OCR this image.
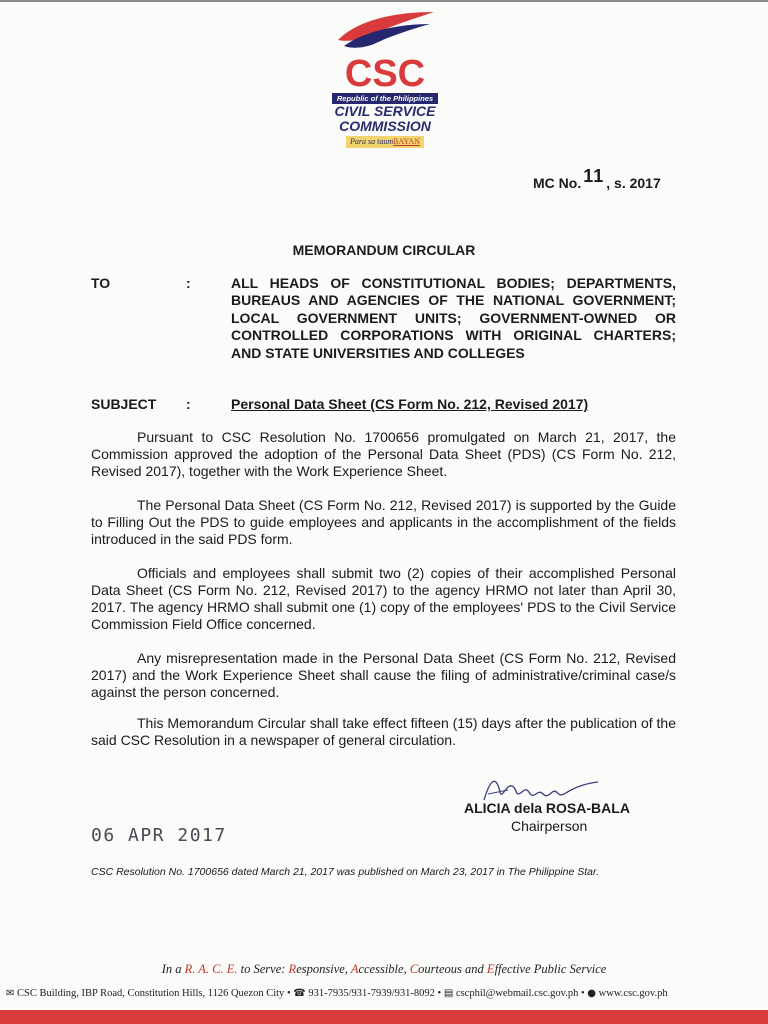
CSC
Republic of the Philippines
CIVIL SERVICE
COMMISSION
Para sa taumBAYAN
MC No. 11 , s. 2017
MEMORANDUM CIRCULAR
TO	:	ALL HEADS OF CONSTITUTIONAL BODIES; DEPARTMENTS, BUREAUS AND AGENCIES OF THE NATIONAL GOVERNMENT; LOCAL GOVERNMENT UNITS; GOVERNMENT-OWNED OR CONTROLLED CORPORATIONS WITH ORIGINAL CHARTERS; AND STATE UNIVERSITIES AND COLLEGES
SUBJECT :	Personal Data Sheet (CS Form No. 212, Revised 2017)

Pursuant to CSC Resolution No. 1700656 promulgated on March 21, 2017, the Commission approved the adoption of the Personal Data Sheet (PDS) (CS Form No. 212, Revised 2017), together with the Work Experience Sheet.

The Personal Data Sheet (CS Form No. 212, Revised 2017) is supported by the Guide to Filling Out the PDS to guide employees and applicants in the accomplishment of the fields introduced in the said PDS form.

Officials and employees shall submit two (2) copies of their accomplished Personal Data Sheet (CS Form No. 212, Revised 2017) to the agency HRMO not later than April 30, 2017. The agency HRMO shall submit one (1) copy of the employees' PDS to the Civil Service Commission Field Office concerned.

Any misrepresentation made in the Personal Data Sheet (CS Form No. 212, Revised 2017) and the Work Experience Sheet shall cause the filing of administrative/criminal case/s against the person concerned.

This Memorandum Circular shall take effect fifteen (15) days after the publication of the said CSC Resolution in a newspaper of general circulation.

ALICIA dela ROSA-BALA
Chairperson
06 APR 2017
CSC Resolution No. 1700656 dated March 21, 2017 was published on March 23, 2017 in The Philippine Star.
In a R. A. C. E. to Serve: Responsive, Accessible, Courteous and Effective Public Service
✉ CSC Building, IBP Road, Constitution Hills, 1126 Quezon City • ☎ 931-7935/931-7939/931-8092 • ▤ cscphil@webmail.csc.gov.ph • ● www.csc.gov.ph
